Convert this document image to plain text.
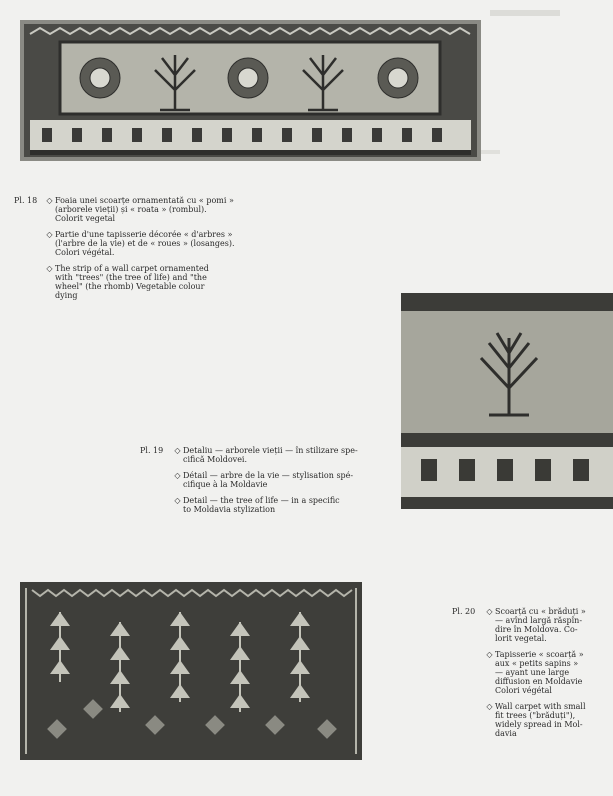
Pl. 18	◇ Foaia unei scoarțe ornamentată cu « pomi »
(arborele vieții) și « roata » (rombul).
Colorit vegetal
◇ Partie d'une tapisserie décorée « d'arbres »
(l'arbre de la vie) et de « roues » (losanges).
Colori végétal.
◇ The strip of a wall carpet ornamented
with "trees" (the tree of life) and "the
wheel" (the rhomb) Vegetable colour
dying
Pl. 19	◇ Detaliu — arborele vieții — în stilizare spe-
cifică Moldovei.
◇ Détail — arbre de la vie — stylisation spé-
cifique à la Moldavie
◇ Detail — the tree of life — in a specific
to Moldavia stylization
Pl. 20	◇ Scoarță cu « brăduți »
— avînd largă răspîn-
dire în Moldova. Co-
lorit vegetal.
◇ Tapisserie « scoarță »
aux « petits sapins »
— ayant une large
diffusion en Moldavie
Colori végétal
◇ Wall carpet with small
fit trees ("brăduți"),
widely spread in Mol-
davia
